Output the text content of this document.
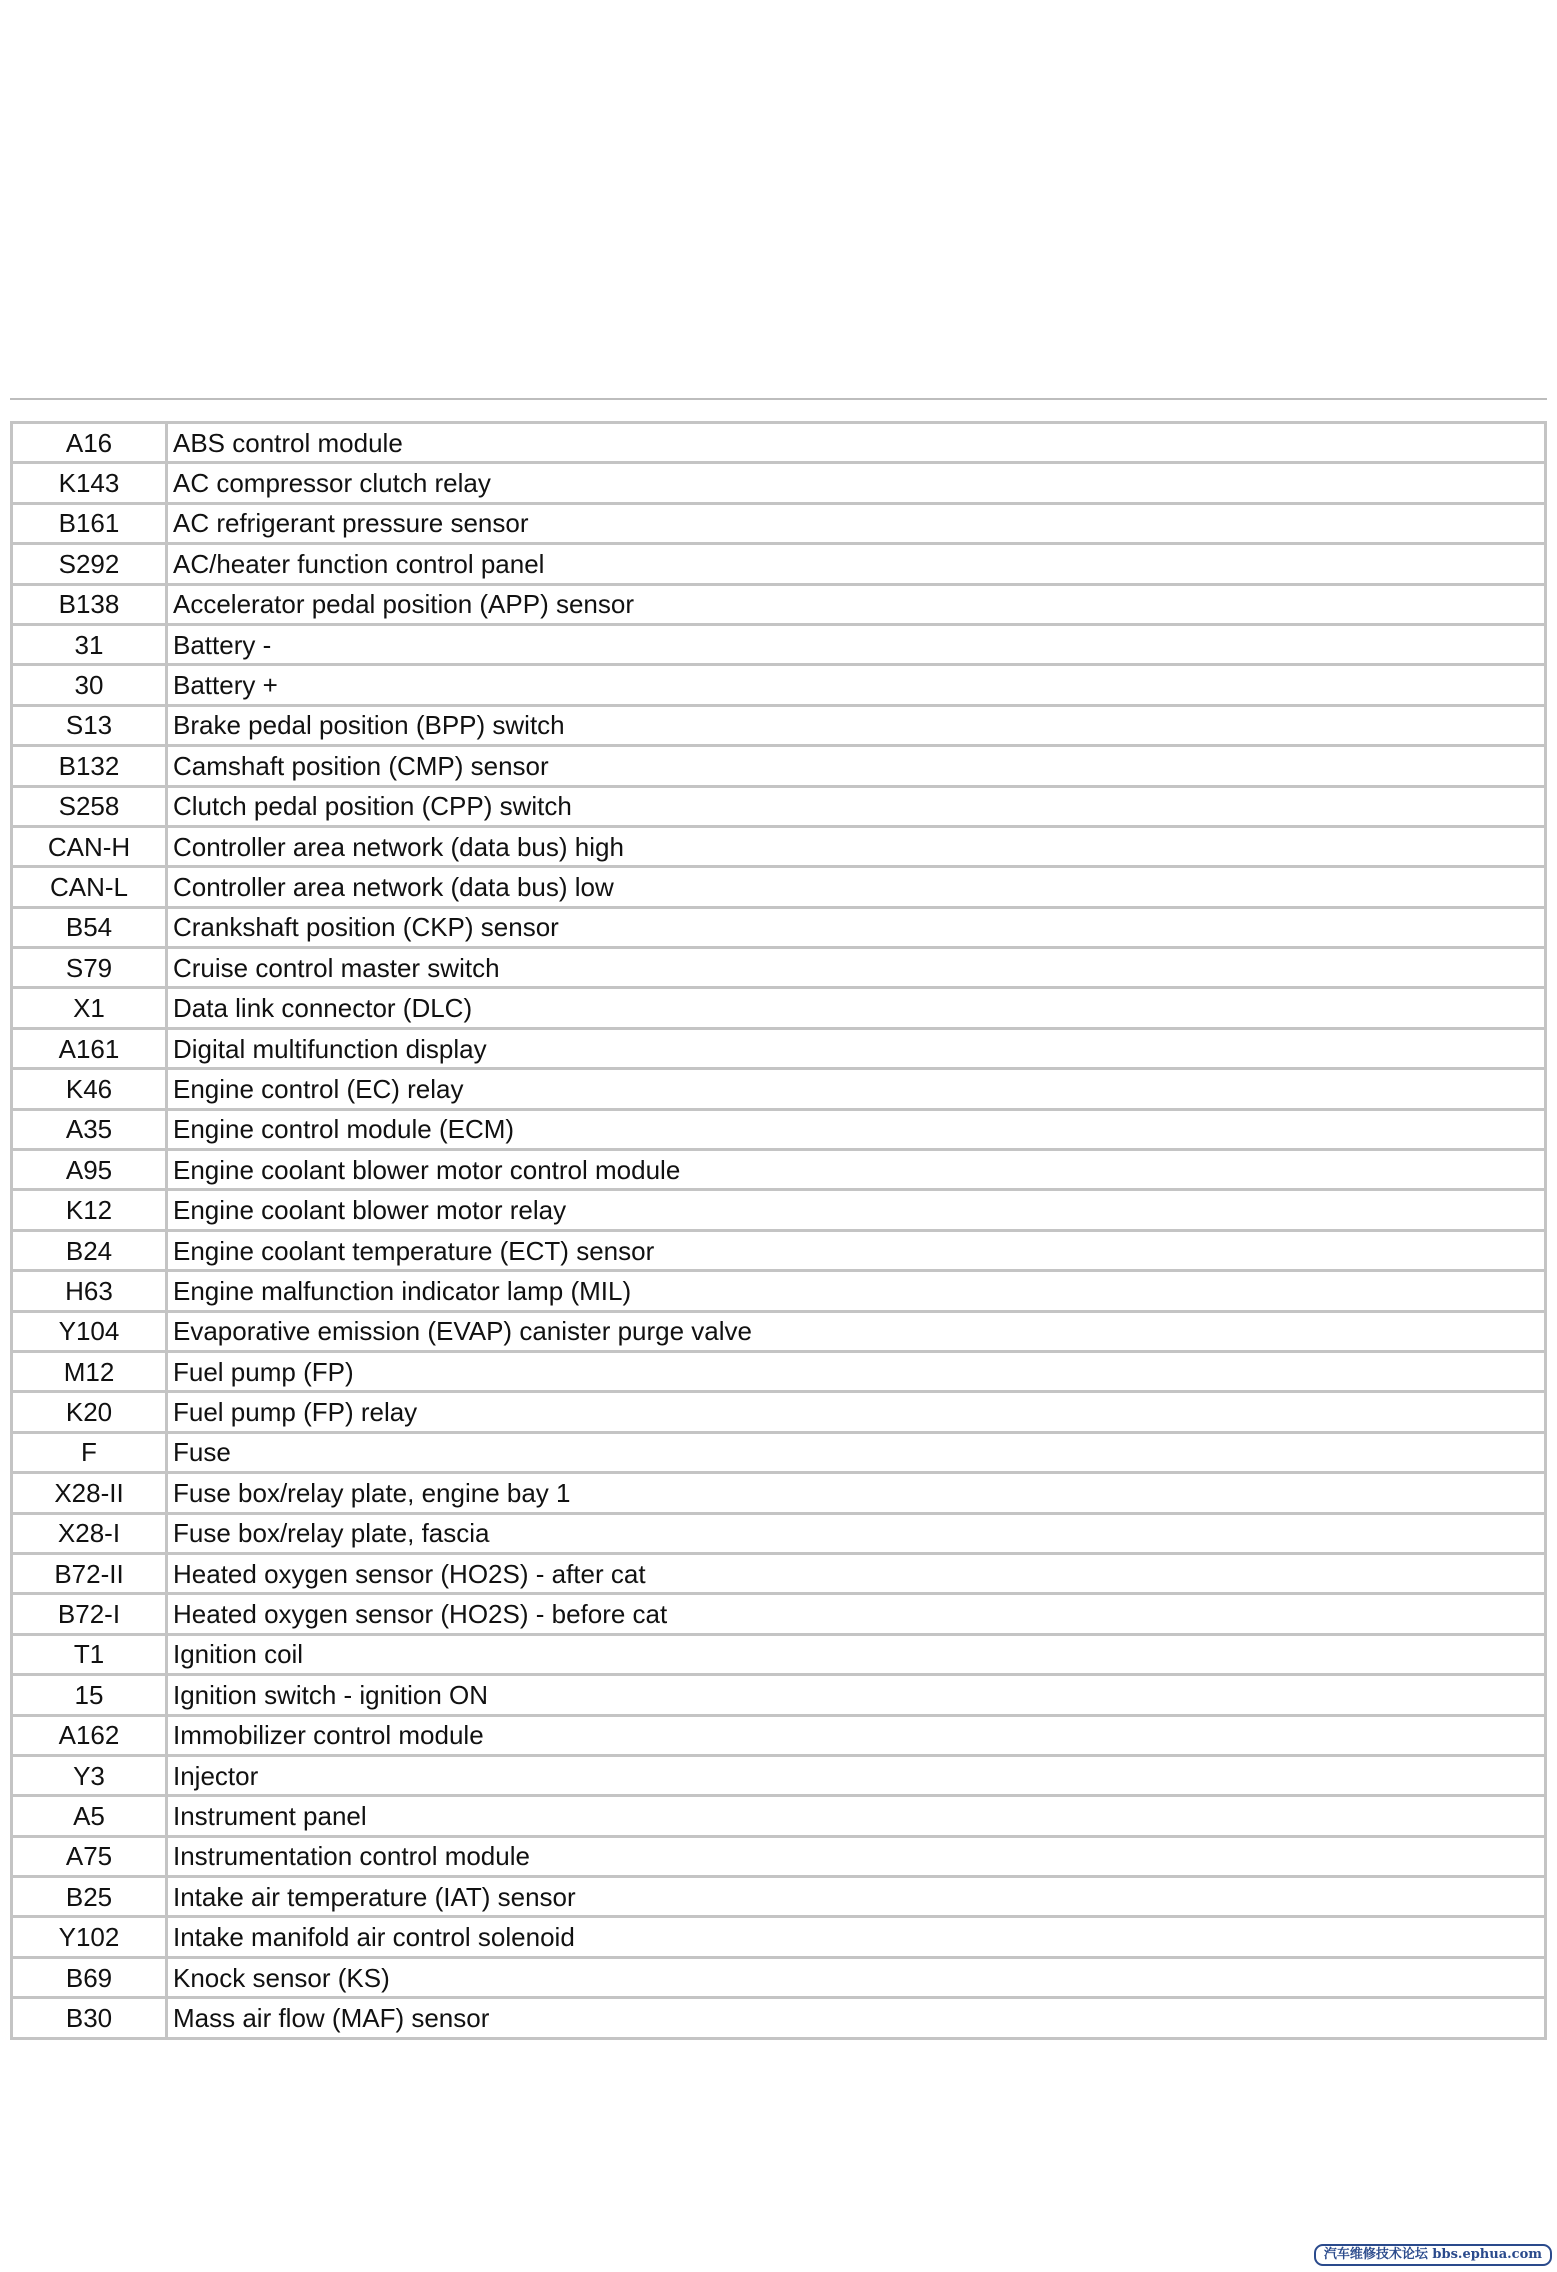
A16	ABS control module
K143	AC compressor clutch relay
B161	AC refrigerant pressure sensor
S292	AC/heater function control panel
B138	Accelerator pedal position (APP) sensor
31	Battery -
30	Battery +
S13	Brake pedal position (BPP) switch
B132	Camshaft position (CMP) sensor
S258	Clutch pedal position (CPP) switch
CAN-H	Controller area network (data bus) high
CAN-L	Controller area network (data bus) low
B54	Crankshaft position (CKP) sensor
S79	Cruise control master switch
X1	Data link connector (DLC)
A161	Digital multifunction display
K46	Engine control (EC) relay
A35	Engine control module (ECM)
A95	Engine coolant blower motor control module
K12	Engine coolant blower motor relay
B24	Engine coolant temperature (ECT) sensor
H63	Engine malfunction indicator lamp (MIL)
Y104	Evaporative emission (EVAP) canister purge valve
M12	Fuel pump (FP)
K20	Fuel pump (FP) relay
F	Fuse
X28-II	Fuse box/relay plate, engine bay 1
X28-I	Fuse box/relay plate, fascia
B72-II	Heated oxygen sensor (HO2S) - after cat
B72-I	Heated oxygen sensor (HO2S) - before cat
T1	Ignition coil
15	Ignition switch - ignition ON
A162	Immobilizer control module
Y3	Injector
A5	Instrument panel
A75	Instrumentation control module
B25	Intake air temperature (IAT) sensor
Y102	Intake manifold air control solenoid
B69	Knock sensor (KS)
B30	Mass air flow (MAF) sensor
汽车维修技术论坛 bbs.ephua.com
